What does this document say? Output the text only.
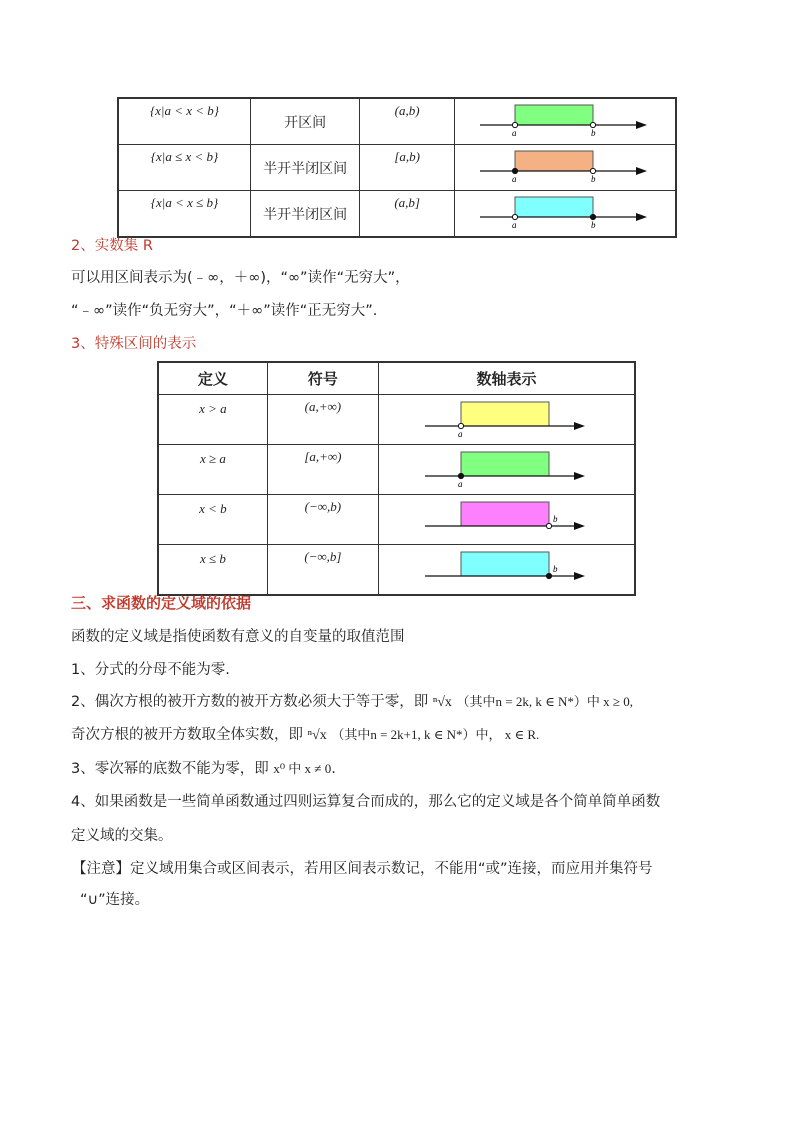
{x|a < x < b}	开区间	(a,b)	a b

{x|a ≤ x < b}	半开半闭区间	[a,b)	a b

{x|a < x ≤ b}	半开半闭区间	(a,b]	a b
2、实数集 R
可以用区间表示为(﹣∞，＋∞)，“∞”读作“无穷大”，
“﹣∞”读作“负无穷大”，“＋∞”读作“正无穷大”.
3、特殊区间的表示
定义	符号	数轴表示
x > a	(a,+∞)	a

x ≥ a	[a,+∞)	a

x < b	(−∞,b)	b

x ≤ b	(−∞,b]	b
三、求函数的定义域的依据
函数的定义域是指使函数有意义的自变量的取值范围
1、分式的分母不能为零.
2、偶次方根的被开方数的被开方数必须大于等于零，即 ⁿ√x （其中n = 2k, k ∈ N*）中 x ≥ 0,
奇次方根的被开方数取全体实数，即 ⁿ√x （其中n = 2k+1, k ∈ N*）中， x ∈ R.
3、零次幂的底数不能为零，即 x⁰ 中 x ≠ 0.
4、如果函数是一些简单函数通过四则运算复合而成的，那么它的定义域是各个简单简单函数
定义域的交集。
【注意】定义域用集合或区间表示，若用区间表示数记，不能用“或”连接，而应用并集符号
“∪”连接。
